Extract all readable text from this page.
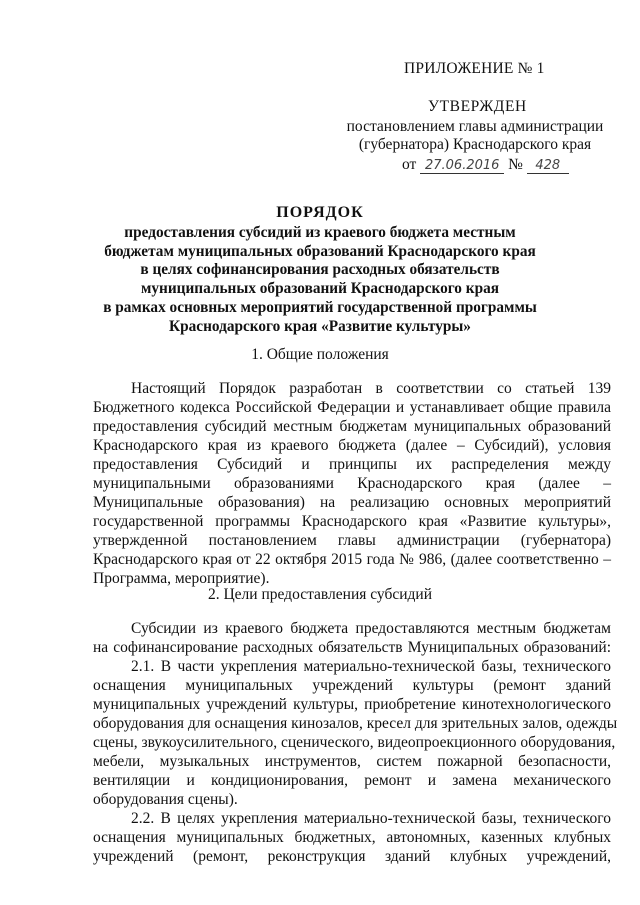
ПРИЛОЖЕНИЕ № 1
УТВЕРЖДЕН
постановлением главы администрации
(губернатора) Краснодарского края
от 27.06.2016 № 428
ПОРЯДОК
предоставления субсидий из краевого бюджета местным
бюджетам муниципальных образований Краснодарского края
в целях софинансирования расходных обязательств
муниципальных образований Краснодарского края
в рамках основных мероприятий государственной программы
Краснодарского края «Развитие культуры»
1. Общие положения
Настоящий Порядок разработан в соответствии со статьей 139
Бюджетного кодекса Российской Федерации и устанавливает общие правила
предоставления субсидий местным бюджетам муниципальных образований
Краснодарского края из краевого бюджета (далее – Субсидий), условия
предоставления Субсидий и принципы их распределения между
муниципальными образованиями Краснодарского края (далее –
Муниципальные образования) на реализацию основных мероприятий
государственной программы Краснодарского края «Развитие культуры»,
утвержденной постановлением главы администрации (губернатора)
Краснодарского края от 22 октября 2015 года № 986, (далее соответственно –
Программа, мероприятие).
2. Цели предоставления субсидий
Субсидии из краевого бюджета предоставляются местным бюджетам
на софинансирование расходных обязательств Муниципальных образований:
2.1. В части укрепления материально-технической базы, технического
оснащения муниципальных учреждений культуры (ремонт зданий
муниципальных учреждений культуры, приобретение кинотехнологического
оборудования для оснащения кинозалов, кресел для зрительных залов, одежды
сцены, звукоусилительного, сценического, видеопроекционного оборудования,
мебели, музыкальных инструментов, систем пожарной безопасности,
вентиляции и кондиционирования, ремонт и замена механического
оборудования сцены).
2.2. В целях укрепления материально-технической базы, технического
оснащения муниципальных бюджетных, автономных, казенных клубных
учреждений (ремонт, реконструкция зданий клубных учреждений,
